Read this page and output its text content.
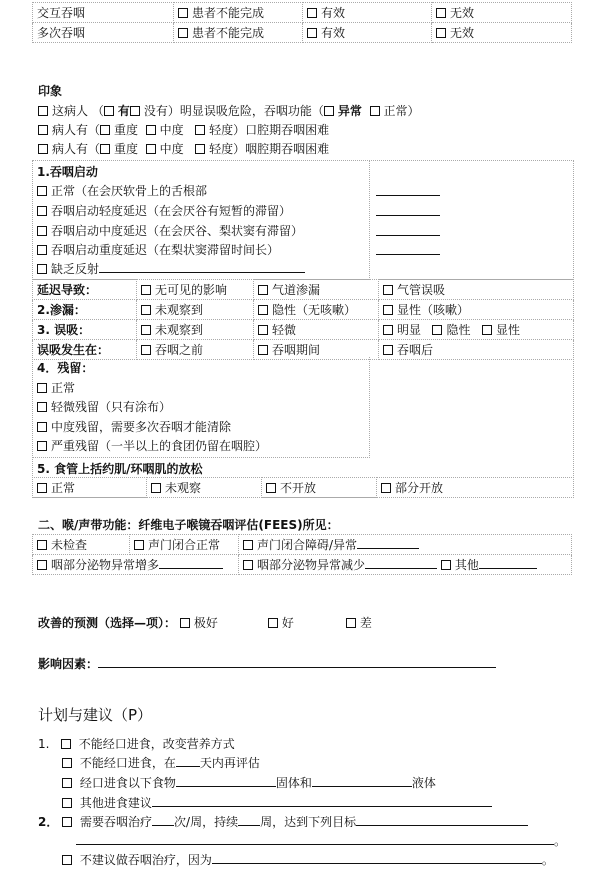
交互吞咽	患者不能完成	有效	无效
多次吞咽	患者不能完成	有效	无效
印象
这病人 （ 有 没有）明显误吸危险，吞咽功能（ 异常 正常）
病人有（ 重度 中度 轻度）口腔期吞咽困难
病人有（ 重度 中度 轻度）咽腔期吞咽困难
1.吞咽启动
正常（在会厌软骨上的舌根部
吞咽启动轻度延迟（在会厌谷有短暂的滞留）
吞咽启动中度延迟（在会厌谷、梨状窦有滞留）
吞咽启动重度延迟（在梨状窦滞留时间长）
缺乏反射
延迟导致：	无可见的影响	气道渗漏	气管误吸
2.渗漏：	未观察到	隐性（无咳嗽）	显性（咳嗽）
3. 误吸：	未观察到	轻微	明显 隐性 显性
误吸发生在：	吞咽之前	吞咽期间	吞咽后
4．残留：
正常
轻微残留（只有涂布）
中度残留，需要多次吞咽才能清除
严重残留（一半以上的食团仍留在咽腔）
5. 食管上括约肌/环咽肌的放松
正常	未观察	不开放	部分开放
二、喉/声带功能：纤维电子喉镜吞咽评估(FEES)所见：
未检查	声门闭合正常	声门闭合障碍/异常
咽部分泌物异常增多		咽部分泌物异常减少 其他
改善的预测（选择—项）： 极好	好	差
影响因素：
计划与建议（P）
1. 不能经口进食，改变营养方式
不能经口进食，在 天内再评估
经口进食以下食物	固体和	液体
其他进食建议
2． 需要吞咽治疗 次/周，持续 周，达到下列目标
。
不建议做吞咽治疗，因为	。
